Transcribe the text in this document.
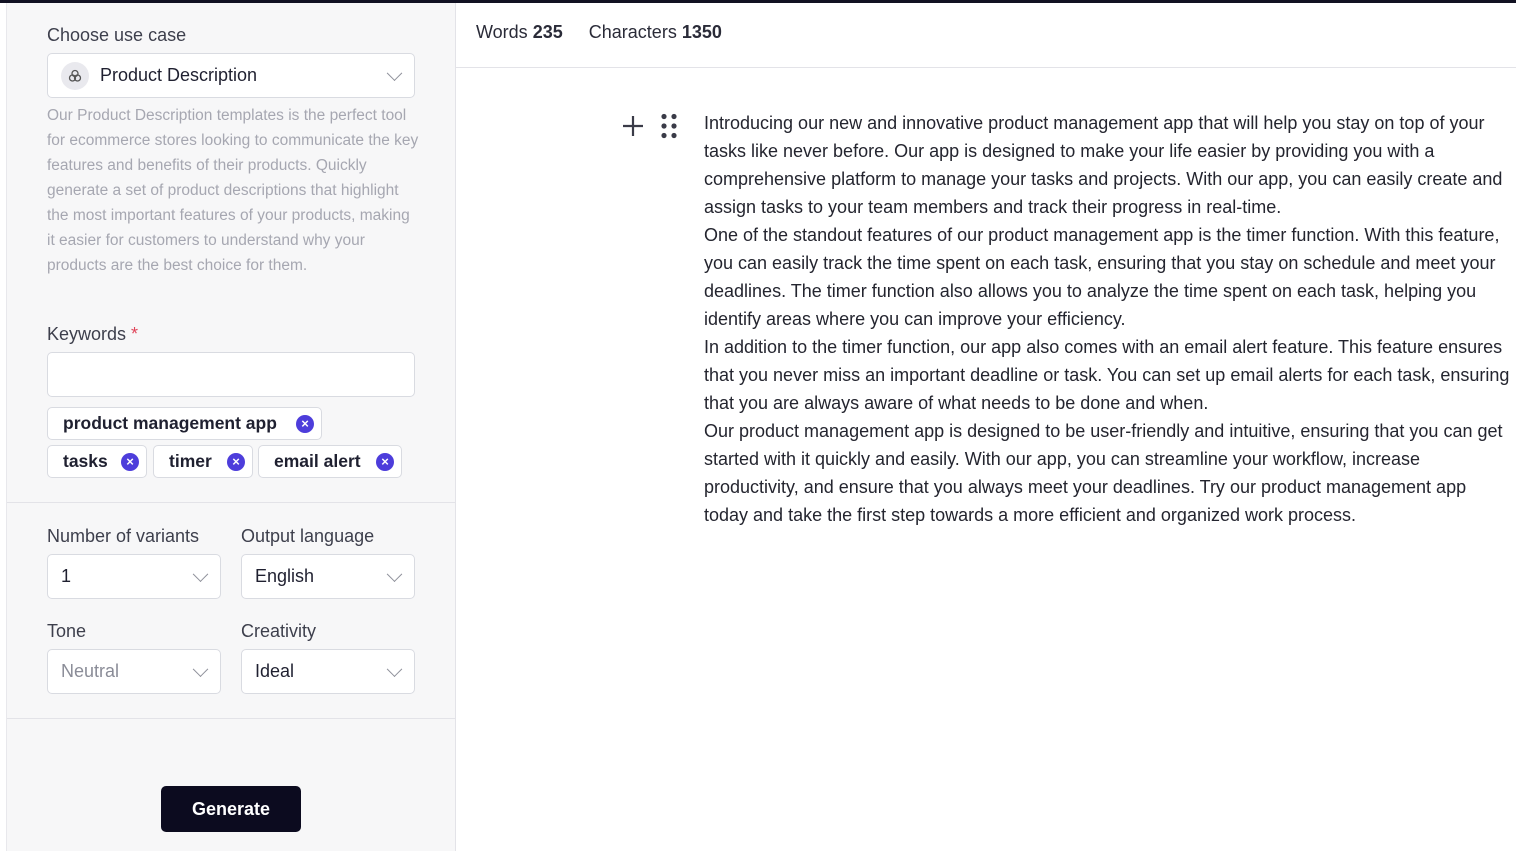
Choose use case
Product Description
Our Product Description templates is the perfect tool for ecommerce stores looking to communicate the key features and benefits of their products. Quickly generate a set of product descriptions that highlight the most important features of your products, making it easier for customers to understand why your products are the best choice for them.
Keywords *
product management app	×
tasks	× timer	× email alert	×
Number of variants Output language
1	English
Tone	Creativity
Neutral	Ideal
Generate
Words 235 Characters 1350

Introducing our new and innovative product management app that will help you stay on top of your tasks like never before. Our app is designed to make your life easier by providing you with a comprehensive platform to manage your tasks and projects. With our app, you can easily create and assign tasks to your team members and track their progress in real-time.

One of the standout features of our product management app is the timer function. With this feature, you can easily track the time spent on each task, ensuring that you stay on schedule and meet your deadlines. The timer function also allows you to analyze the time spent on each task, helping you identify areas where you can improve your efficiency.

In addition to the timer function, our app also comes with an email alert feature. This feature ensures that you never miss an important deadline or task. You can set up email alerts for each task, ensuring that you are always aware of what needs to be done and when.

Our product management app is designed to be user-friendly and intuitive, ensuring that you can get started with it quickly and easily. With our app, you can streamline your workflow, increase productivity, and ensure that you always meet your deadlines. Try our product management app today and take the first step towards a more efficient and organized work process.
